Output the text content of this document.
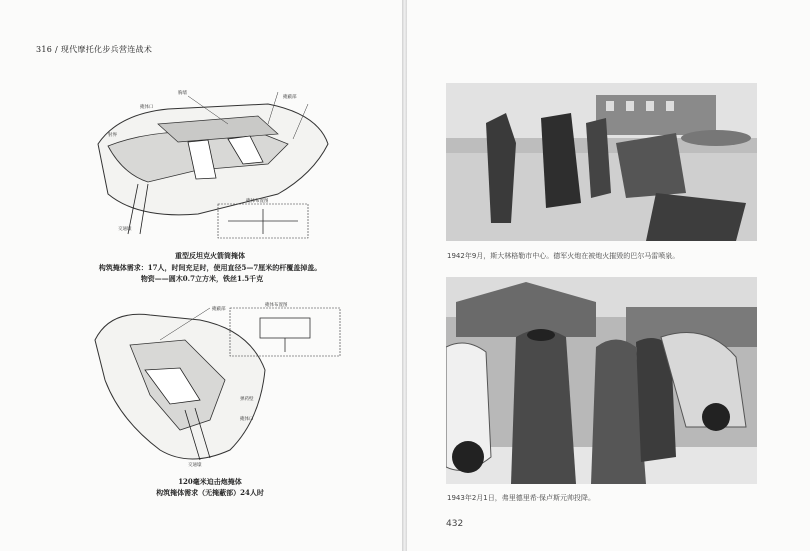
316 / 现代摩托化步兵营连战术
射界
掩体口
胸墙
交通壕
掩蔽部
掩体布置图
重型反坦克火箭筒掩体
构筑掩体需求：17人，时间充足时，使用直径5—7厘米的杆覆盖掉盖。
物资——圆木0.7立方米，铁丝1.5千克
掩蔽部
弹药壁
交通壕
掩体口
掩体布置图
120毫米迫击炮掩体
构筑掩体需求（无掩蔽部）24人时
1942年9月，斯大林格勒市中心。德军火炮在被炮火摧毁的巴尔马雷喷泉。
1943年2月1日，弗里德里希·保卢斯元帅投降。
432
